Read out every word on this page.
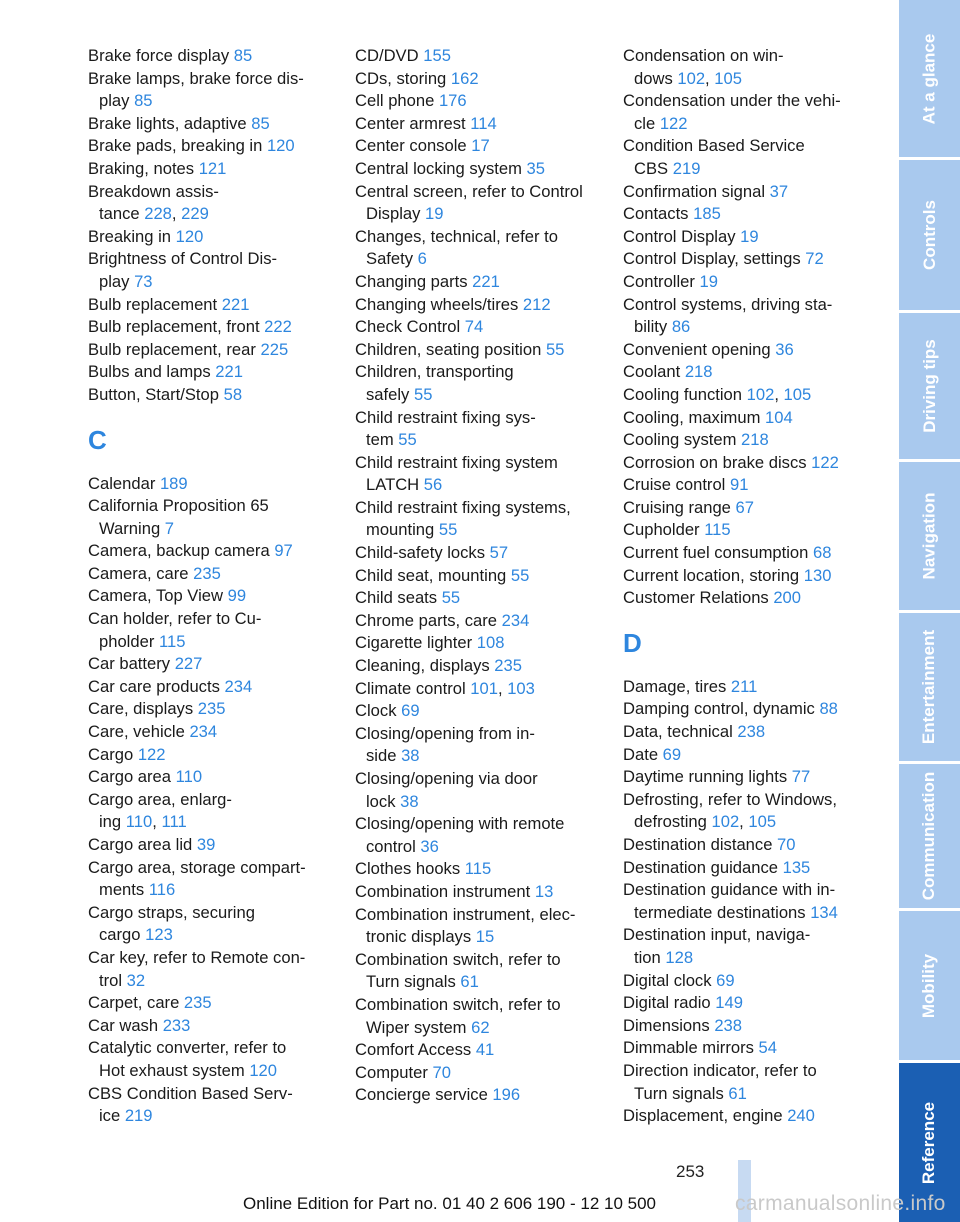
Brake force display 85
Brake lamps, brake force dis-
play 85
Brake lights, adaptive 85
Brake pads, breaking in 120
Braking, notes 121
Breakdown assis-
tance 228, 229
Breaking in 120
Brightness of Control Dis-
play 73
Bulb replacement 221
Bulb replacement, front 222
Bulb replacement, rear 225
Bulbs and lamps 221
Button, Start/Stop 58
C
Calendar 189
California Proposition 65
Warning 7
Camera, backup camera 97
Camera, care 235
Camera, Top View 99
Can holder, refer to Cu-
pholder 115
Car battery 227
Car care products 234
Care, displays 235
Care, vehicle 234
Cargo 122
Cargo area 110
Cargo area, enlarg-
ing 110, 111
Cargo area lid 39
Cargo area, storage compart-
ments 116
Cargo straps, securing
cargo 123
Car key, refer to Remote con-
trol 32
Carpet, care 235
Car wash 233
Catalytic converter, refer to
Hot exhaust system 120
CBS Condition Based Serv-
ice 219
CD/DVD 155
CDs, storing 162
Cell phone 176
Center armrest 114
Center console 17
Central locking system 35
Central screen, refer to Control
Display 19
Changes, technical, refer to
Safety 6
Changing parts 221
Changing wheels/tires 212
Check Control 74
Children, seating position 55
Children, transporting
safely 55
Child restraint fixing sys-
tem 55
Child restraint fixing system
LATCH 56
Child restraint fixing systems,
mounting 55
Child-safety locks 57
Child seat, mounting 55
Child seats 55
Chrome parts, care 234
Cigarette lighter 108
Cleaning, displays 235
Climate control 101, 103
Clock 69
Closing/opening from in-
side 38
Closing/opening via door
lock 38
Closing/opening with remote
control 36
Clothes hooks 115
Combination instrument 13
Combination instrument, elec-
tronic displays 15
Combination switch, refer to
Turn signals 61
Combination switch, refer to
Wiper system 62
Comfort Access 41
Computer 70
Concierge service 196
Condensation on win-
dows 102, 105
Condensation under the vehi-
cle 122
Condition Based Service
CBS 219
Confirmation signal 37
Contacts 185
Control Display 19
Control Display, settings 72
Controller 19
Control systems, driving sta-
bility 86
Convenient opening 36
Coolant 218
Cooling function 102, 105
Cooling, maximum 104
Cooling system 218
Corrosion on brake discs 122
Cruise control 91
Cruising range 67
Cupholder 115
Current fuel consumption 68
Current location, storing 130
Customer Relations 200
D
Damage, tires 211
Damping control, dynamic 88
Data, technical 238
Date 69
Daytime running lights 77
Defrosting, refer to Windows,
defrosting 102, 105
Destination distance 70
Destination guidance 135
Destination guidance with in-
termediate destinations 134
Destination input, naviga-
tion 128
Digital clock 69
Digital radio 149
Dimensions 238
Dimmable mirrors 54
Direction indicator, refer to
Turn signals 61
Displacement, engine 240
At a glance
Controls
Driving tips
Navigation
Entertainment
Communication
Mobility
Reference
253
Online Edition for Part no. 01 40 2 606 190 - 12 10 500	carmanualsonline.info
